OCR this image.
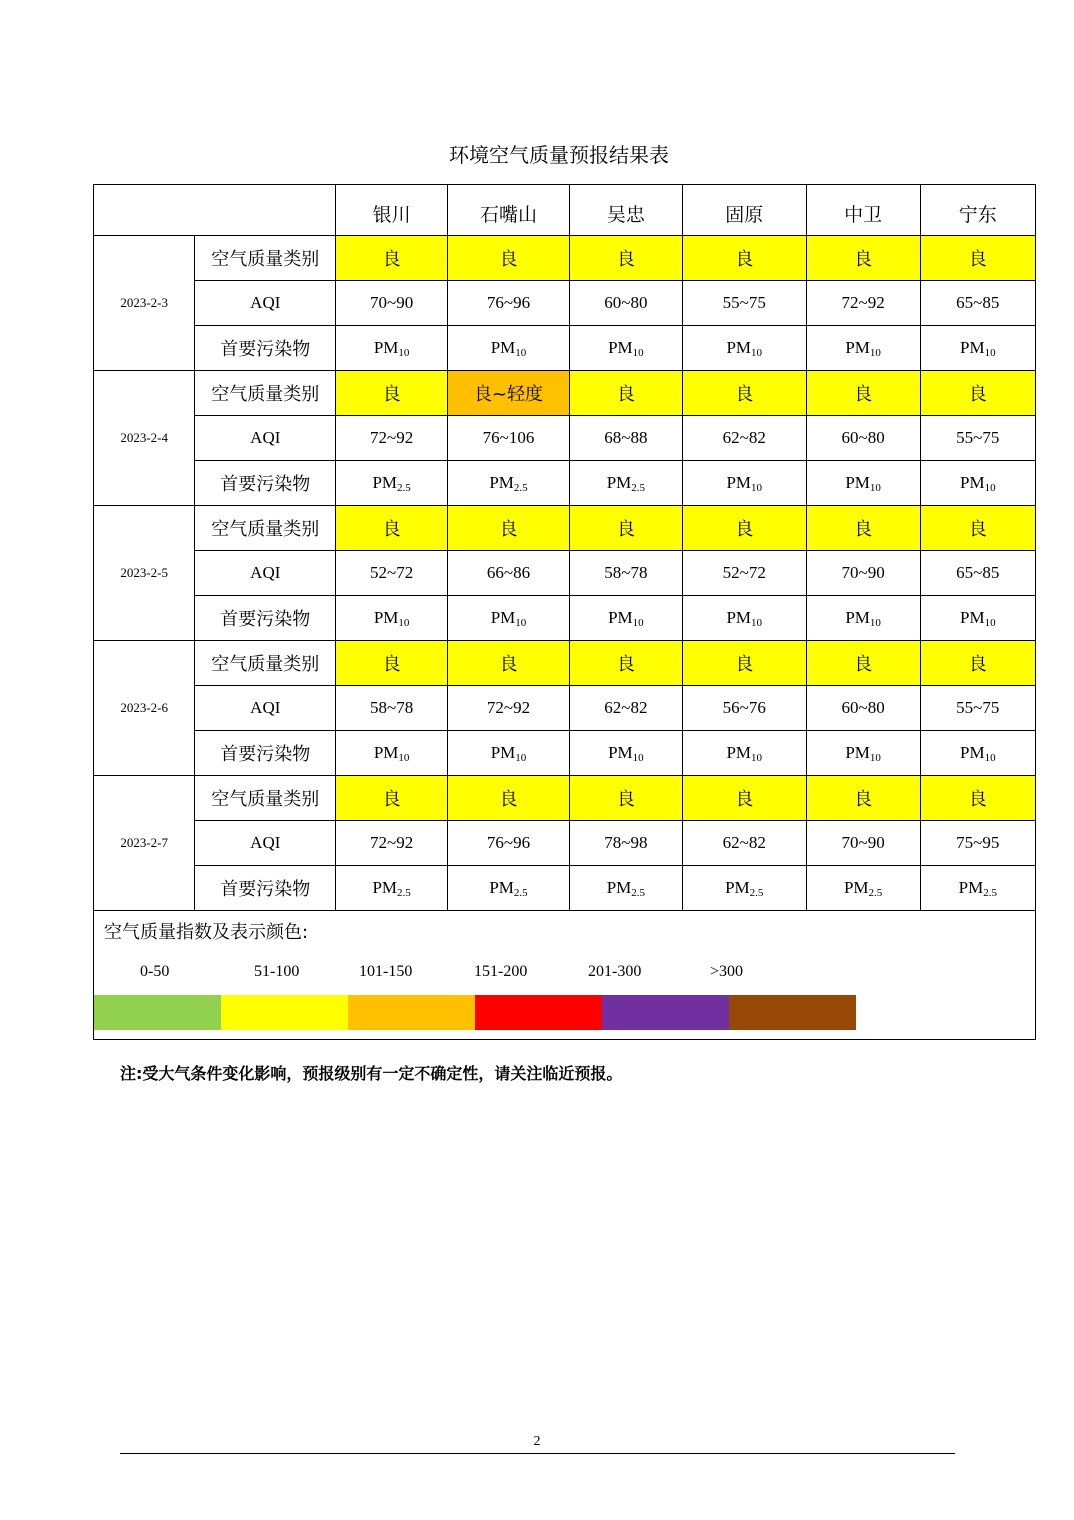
环境空气质量预报结果表
		银川	石嘴山	吴忠	固原	中卫	宁东
2023-2-3	空气质量类别	良	良	良	良	良	良
	AQI	70~90	76~96	60~80	55~75	72~92	65~85
	首要污染物	$PM_{10}$	$PM_{10}$	$PM_{10}$	$PM_{10}$	$PM_{10}$	$PM_{10}$
2023-2-4	空气质量类别	良	良~轻度	良	良	良	良
	AQI	72~92	76~106	68~88	62~82	60~80	55~75
	首要污染物	$PM_{2.5}$	$PM_{2.5}$	$PM_{2.5}$	$PM_{10}$	$PM_{10}$	$PM_{10}$
2023-2-5	空气质量类别	良	良	良	良	良	良
	AQI	52~72	66~86	58~78	52~72	70~90	65~85
	首要污染物	$PM_{10}$	$PM_{10}$	$PM_{10}$	$PM_{10}$	$PM_{10}$	$PM_{10}$
2023-2-6	空气质量类别	良	良	良	良	良	良
	AQI	58~78	72~92	62~82	56~76	60~80	55~75
	首要污染物	$PM_{10}$	$PM_{10}$	$PM_{10}$	$PM_{10}$	$PM_{10}$	$PM_{10}$
2023-2-7	空气质量类别	良	良	良	良	良	良
	AQI	72~92	76~96	78~98	62~82	70~90	75~95
	首要污染物	$PM_{2.5}$	$PM_{2.5}$	$PM_{2.5}$	$PM_{2.5}$	$PM_{2.5}$	$PM_{2.5}$
空气质量指数及表示颜色:
0-50	51-100	101-150	151-200	201-300	>300
注:受大气条件变化影响，预报级别有一定不确定性，请关注临近预报。
2
